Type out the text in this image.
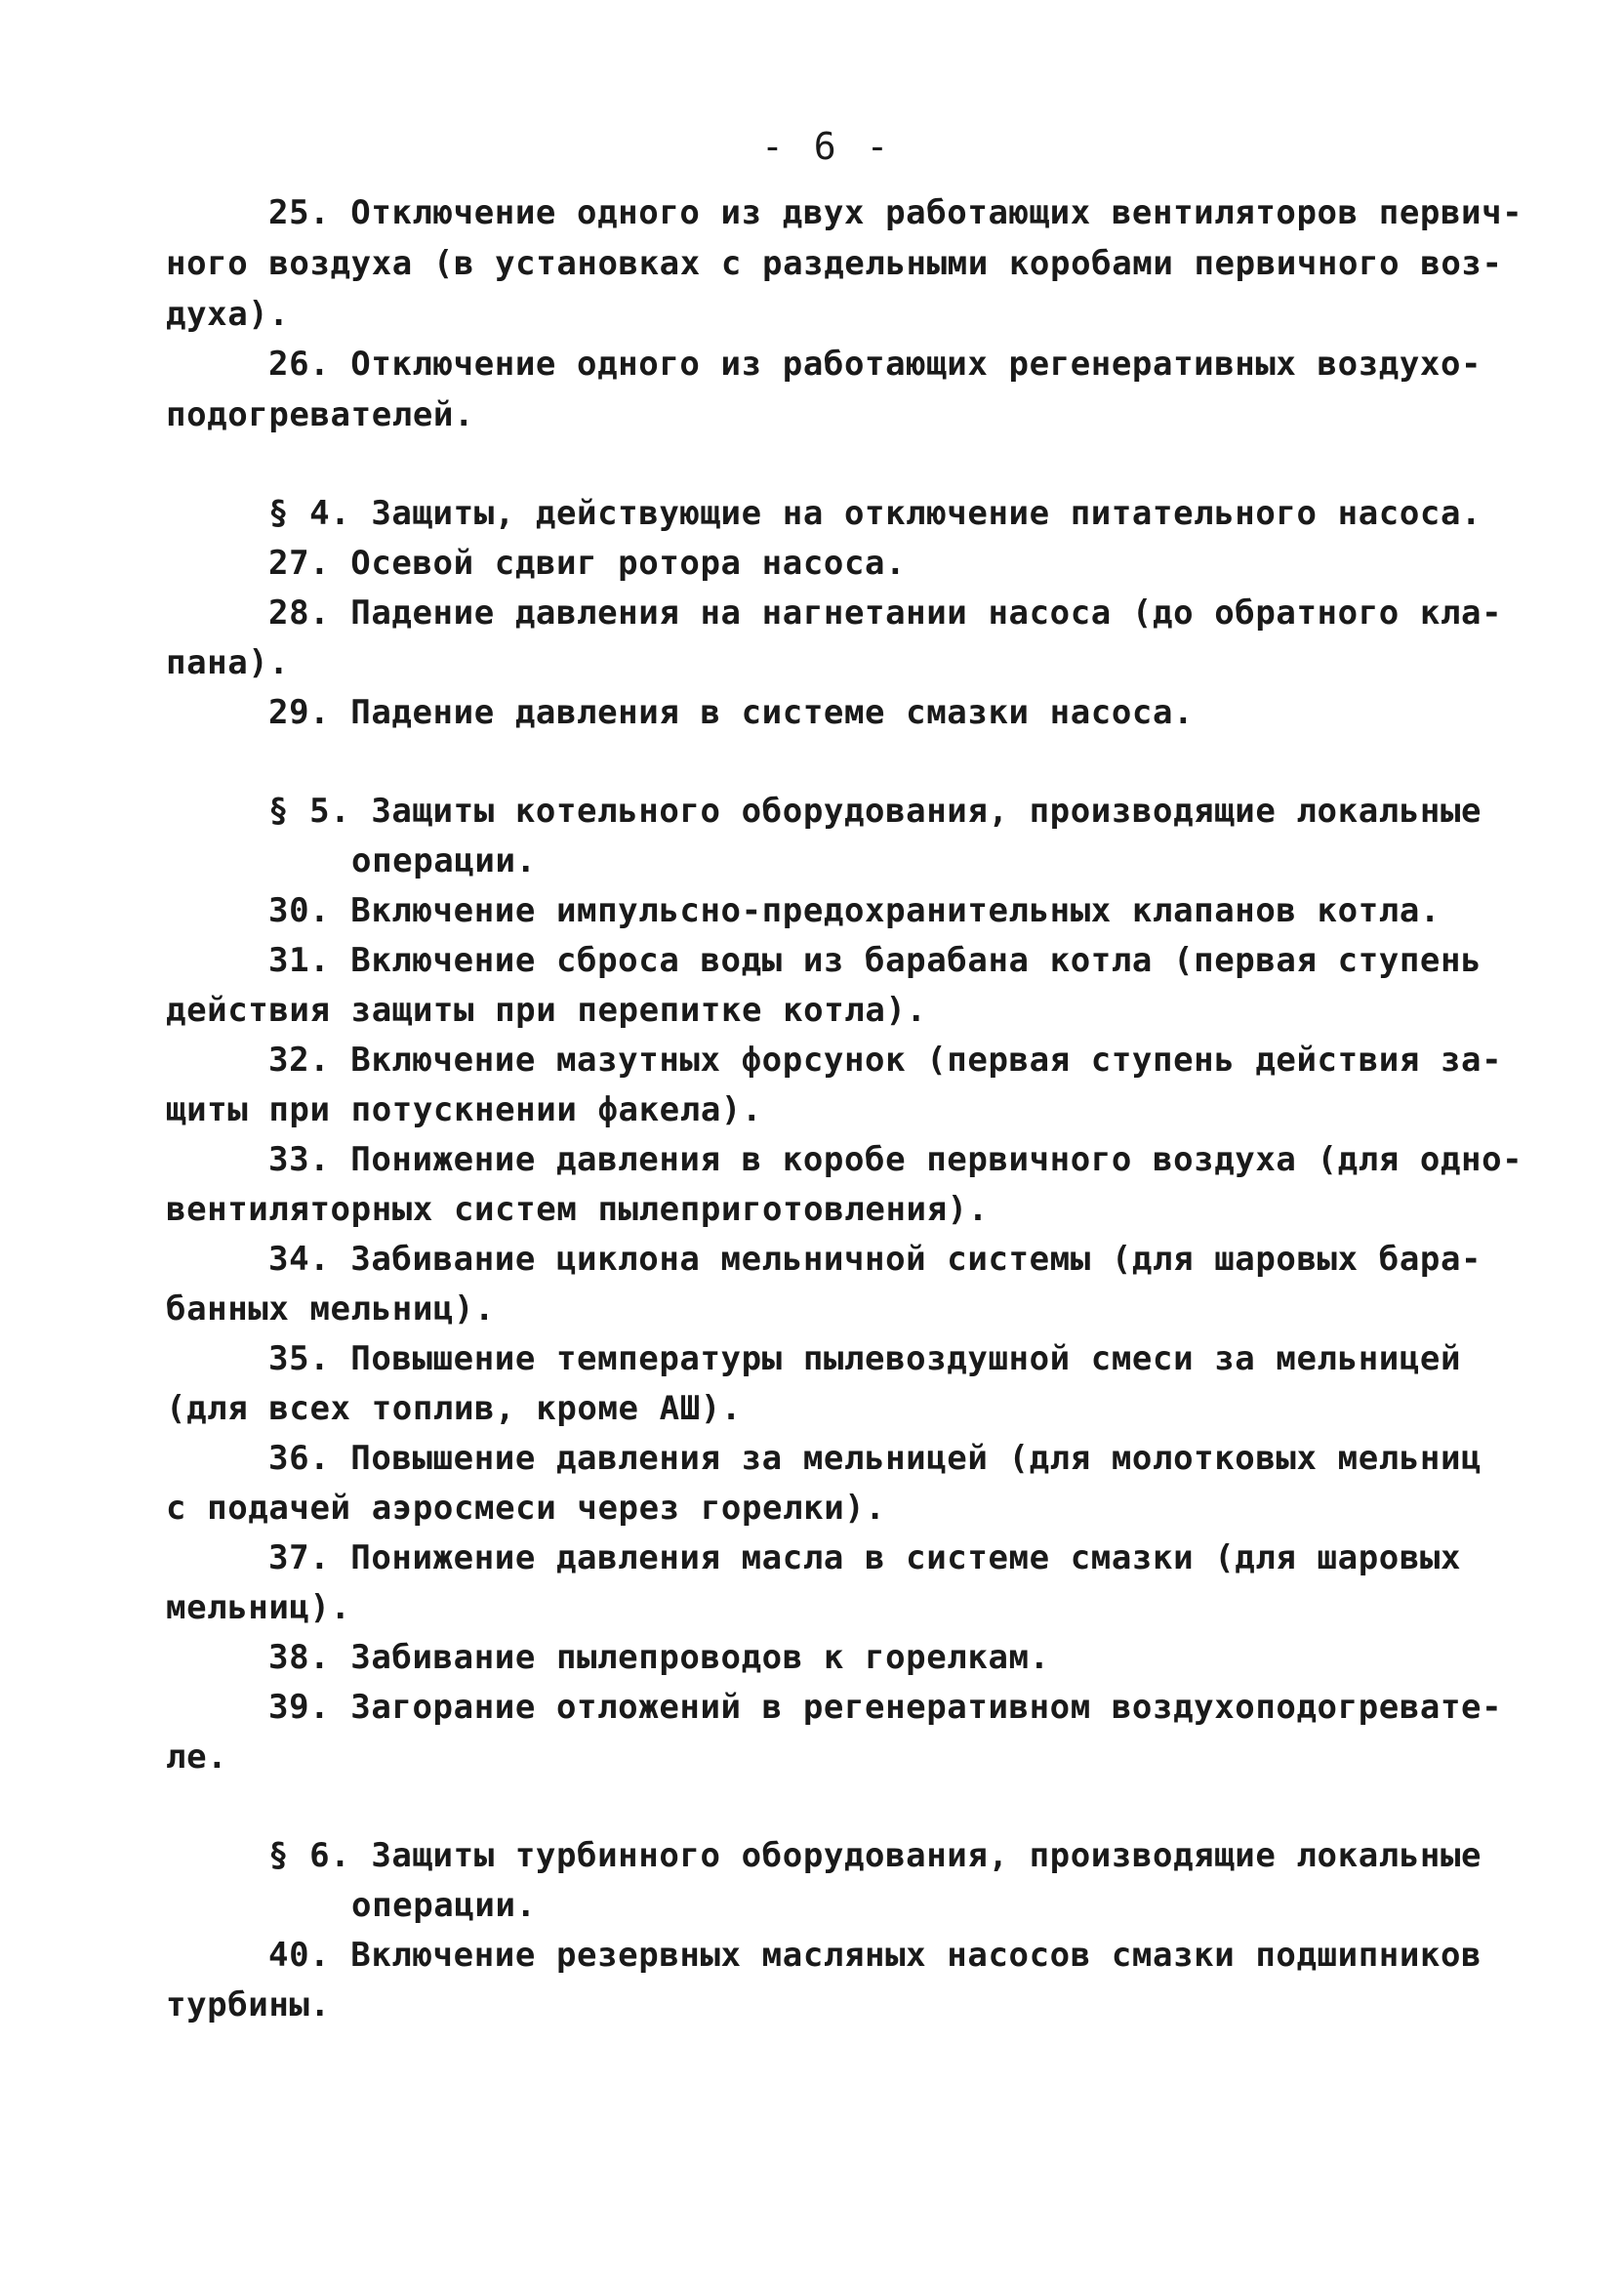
- 6 -
25. Отключение одного из двух работающих вентиляторов первич-
ного воздуха (в установках с раздельными коробами первичного воз-
духа).
26. Отключение одного из работающих регенеративных воздухо-
подогревателей.
§ 4. Защиты, действующие на отключение питательного насоса.
27. Осевой сдвиг ротора насоса.
28. Падение давления на нагнетании насоса (до обратного кла-
пана).
29. Падение давления в системе смазки насоса.
§ 5. Защиты котельного оборудования, производящие локальные
операции.
30. Включение импульсно-предохранительных клапанов котла.
31. Включение сброса воды из барабана котла (первая ступень
действия защиты при перепитке котла).
32. Включение мазутных форсунок (первая ступень действия за-
щиты при потускнении факела).
33. Понижение давления в коробе первичного воздуха (для одно-
вентиляторных систем пылеприготовления).
34. Забивание циклона мельничной системы (для шаровых бара-
банных мельниц).
35. Повышение температуры пылевоздушной смеси за мельницей
(для всех топлив, кроме АШ).
36. Повышение давления за мельницей (для молотковых мельниц
с подачей аэросмеси через горелки).
37. Понижение давления масла в системе смазки (для шаровых
мельниц).
38. Забивание пылепроводов к горелкам.
39. Загорание отложений в регенеративном воздухоподогревате-
ле.
§ 6. Защиты турбинного оборудования, производящие локальные
операции.
40. Включение резервных масляных насосов смазки подшипников
турбины.
